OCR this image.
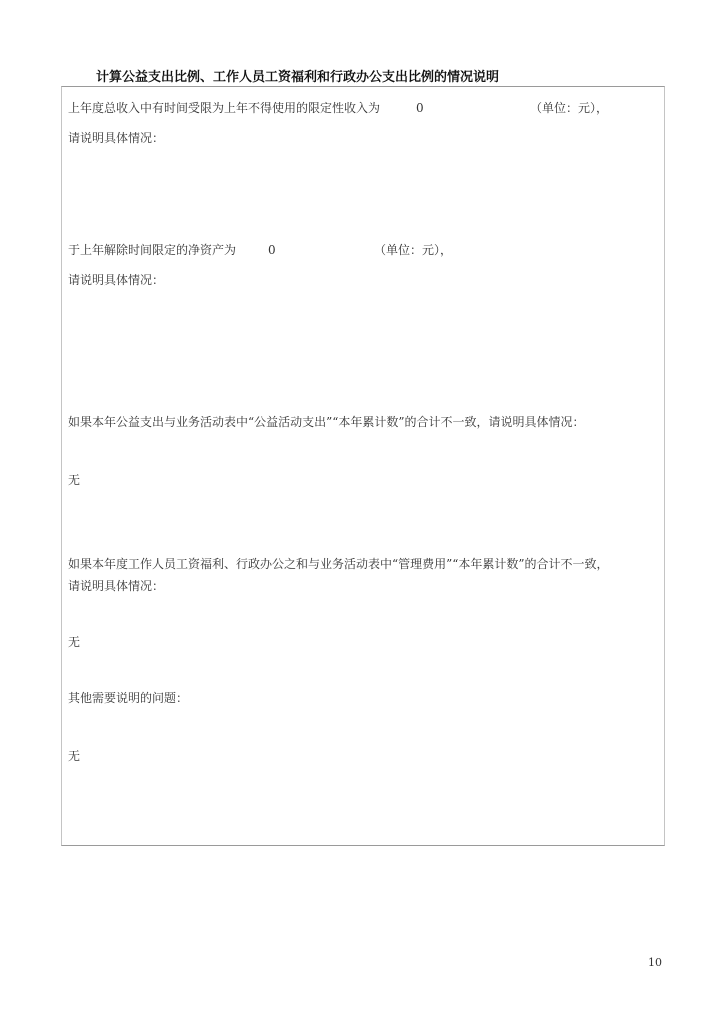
计算公益支出比例、工作人员工资福利和行政办公支出比例的情况说明
上年度总收入中有时间受限为上年不得使用的限定性收入为	0	（单位：元），
请说明具体情况：
于上年解除时间限定的净资产为	0	（单位：元），
请说明具体情况：
如果本年公益支出与业务活动表中“公益活动支出”“本年累计数”的合计不一致，请说明具体情况：
无
如果本年度工作人员工资福利、行政办公之和与业务活动表中“管理费用”“本年累计数”的合计不一致，
请说明具体情况：
无
其他需要说明的问题：
无
10
